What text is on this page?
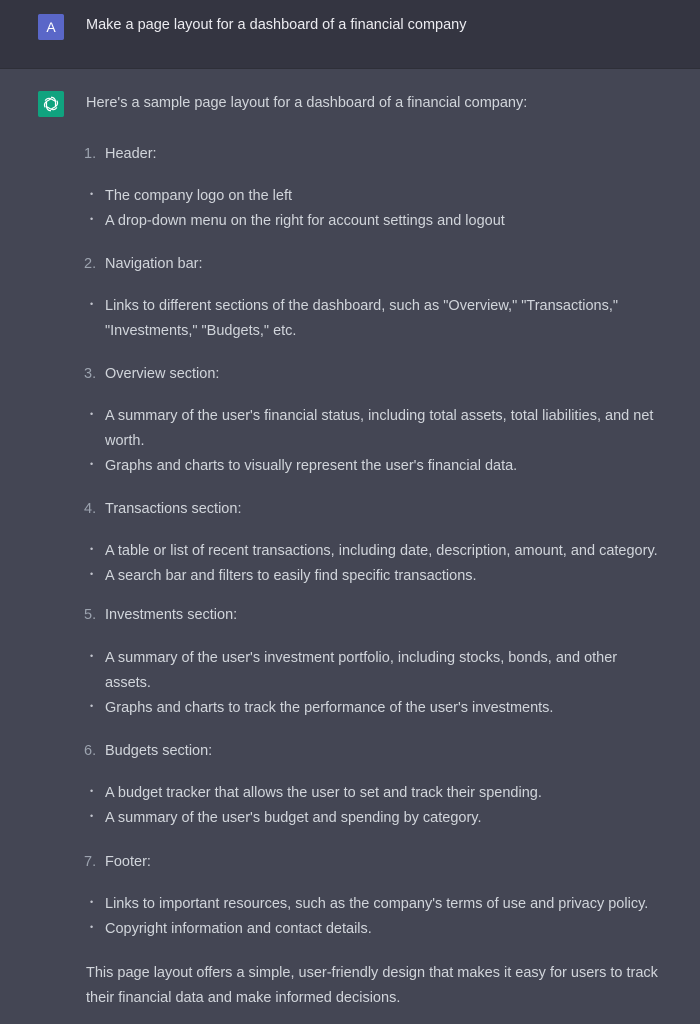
A	Make a page layout for a dashboard of a financial company
Here's a sample page layout for a dashboard of a financial company:
1. Header:
• The company logo on the left
• A drop-down menu on the right for account settings and logout
2. Navigation bar:
• Links to different sections of the dashboard, such as "Overview," "Transactions,"
"Investments," "Budgets," etc.
3. Overview section:
• A summary of the user's financial status, including total assets, total liabilities, and net
worth.
• Graphs and charts to visually represent the user's financial data.
4. Transactions section:
• A table or list of recent transactions, including date, description, amount, and category.
• A search bar and filters to easily find specific transactions.
5. Investments section:
• A summary of the user's investment portfolio, including stocks, bonds, and other
assets.
• Graphs and charts to track the performance of the user's investments.
6. Budgets section:
• A budget tracker that allows the user to set and track their spending.
• A summary of the user's budget and spending by category.
7. Footer:
• Links to important resources, such as the company's terms of use and privacy policy.
• Copyright information and contact details.
This page layout offers a simple, user-friendly design that makes it easy for users to track
their financial data and make informed decisions.
